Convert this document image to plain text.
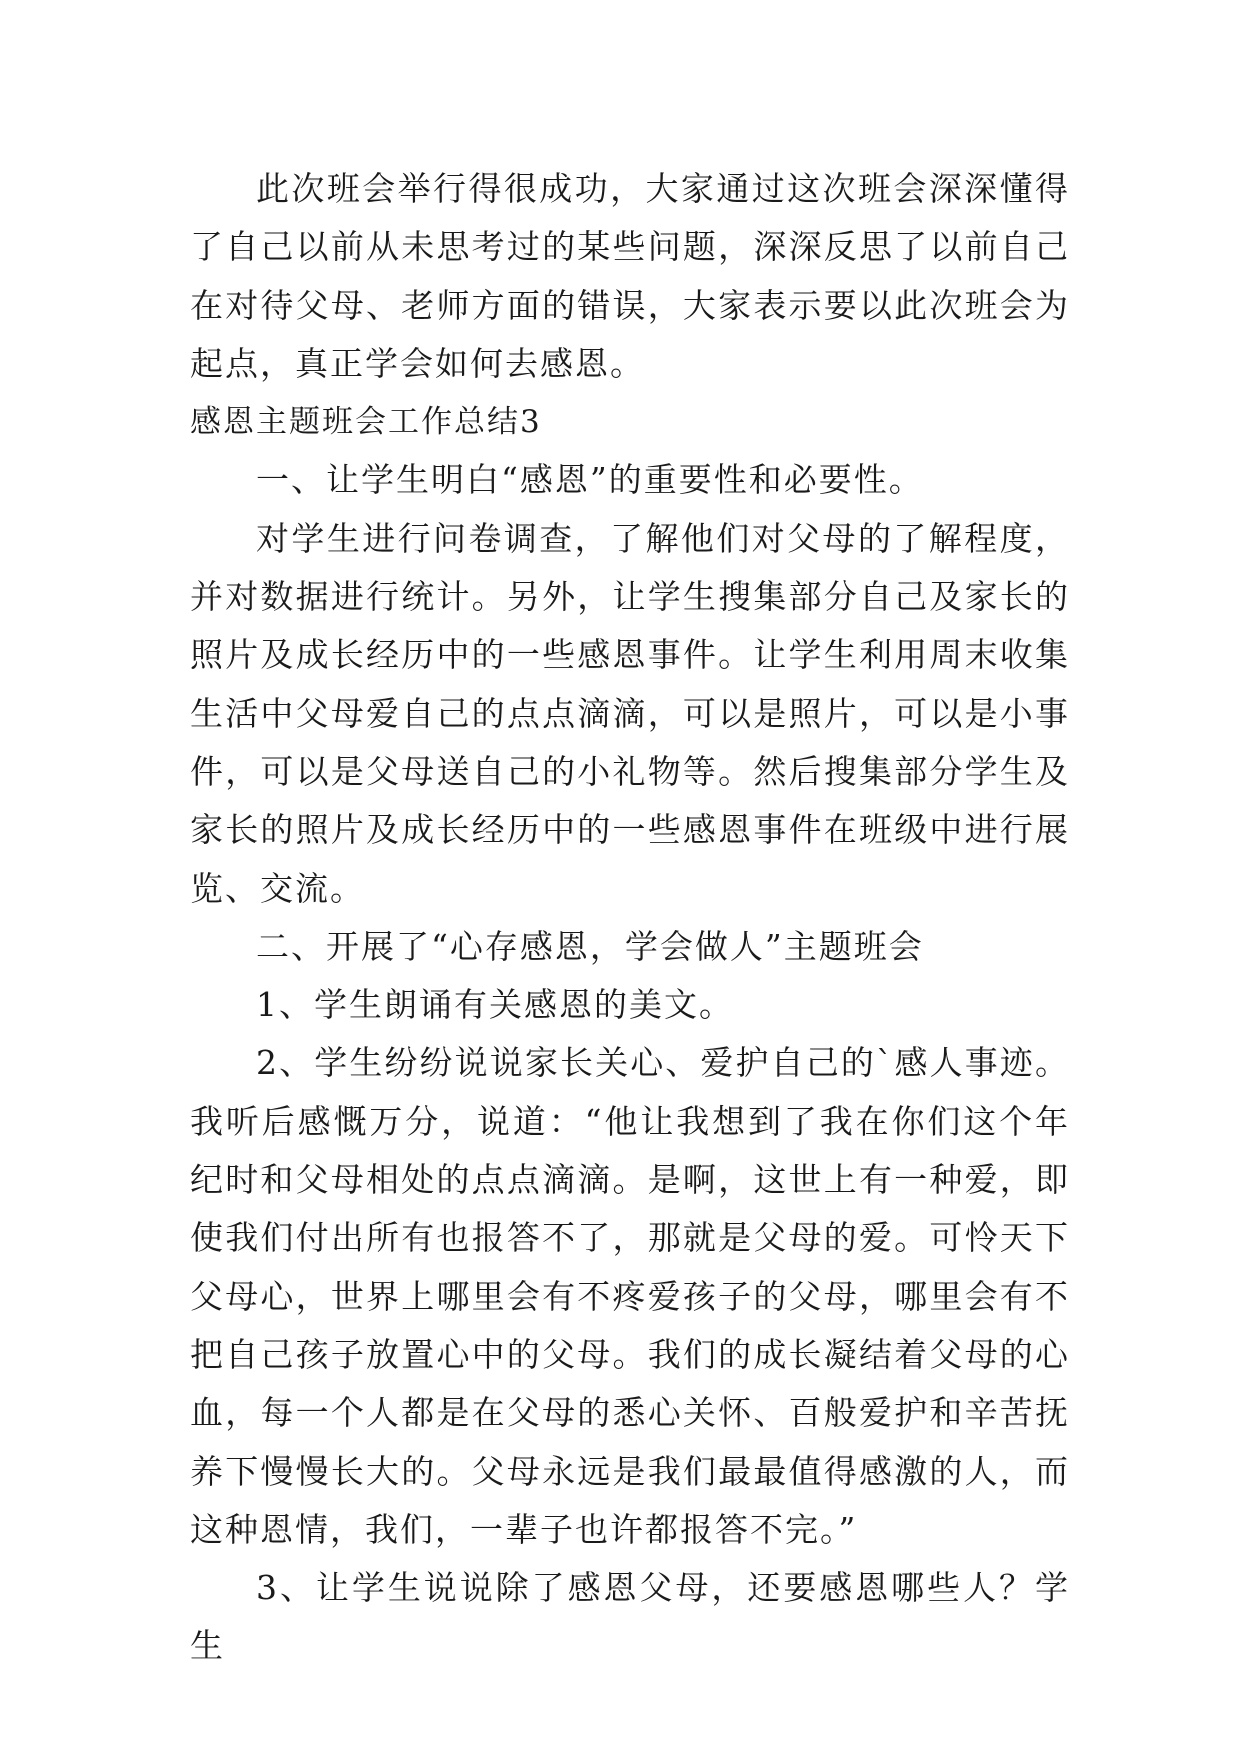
此次班会举行得很成功，大家通过这次班会深深懂得了自己以前从未思考过的某些问题，深深反思了以前自己在对待父母、老师方面的错误，大家表示要以此次班会为起点，真正学会如何去感恩。

感恩主题班会工作总结3

一、让学生明白“感恩”的重要性和必要性。

对学生进行问卷调查，了解他们对父母的了解程度，并对数据进行统计。另外，让学生搜集部分自己及家长的照片及成长经历中的一些感恩事件。让学生利用周末收集生活中父母爱自己的点点滴滴，可以是照片，可以是小事件，可以是父母送自己的小礼物等。然后搜集部分学生及家长的照片及成长经历中的一些感恩事件在班级中进行展览、交流。

二、开展了“心存感恩，学会做人”主题班会

1、学生朗诵有关感恩的美文。

2、学生纷纷说说家长关心、爱护自己的`感人事迹。我听后感慨万分，说道：“他让我想到了我在你们这个年纪时和父母相处的点点滴滴。是啊，这世上有一种爱，即使我们付出所有也报答不了，那就是父母的爱。可怜天下父母心，世界上哪里会有不疼爱孩子的父母，哪里会有不把自己孩子放置心中的父母。我们的成长凝结着父母的心血，每一个人都是在父母的悉心关怀、百般爱护和辛苦抚养下慢慢长大的。父母永远是我们最最值得感激的人，而这种恩情，我们，一辈子也许都报答不完。”

3、让学生说说除了感恩父母，还要感恩哪些人？学生
